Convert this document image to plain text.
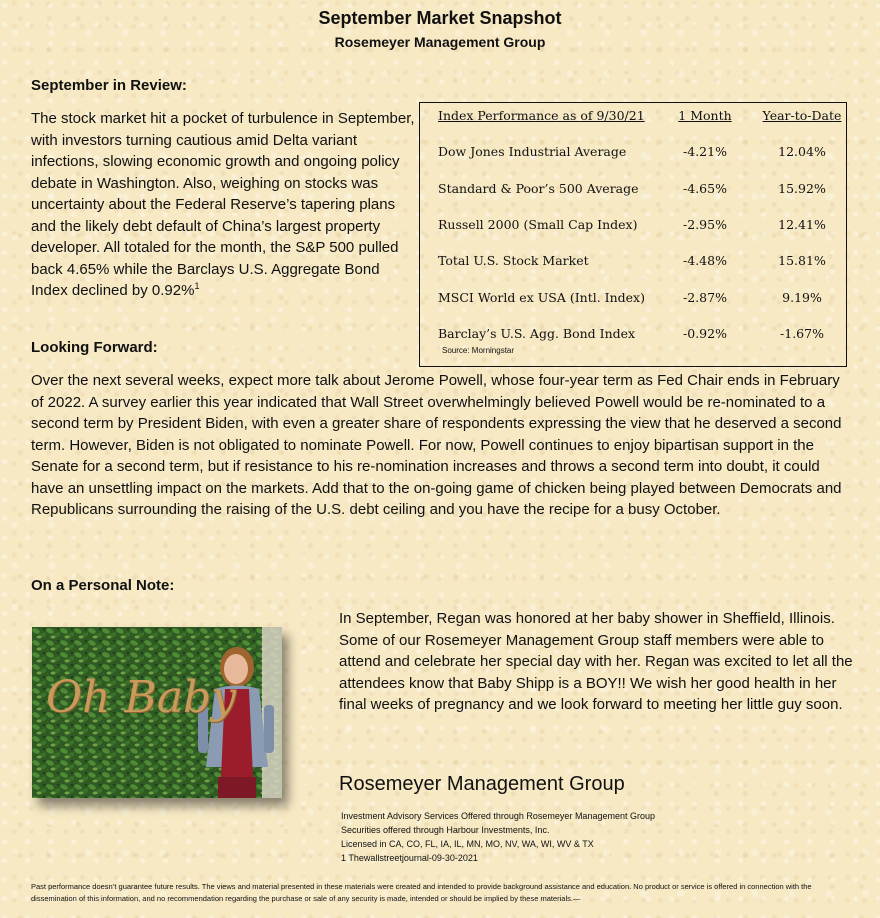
September Market Snapshot
Rosemeyer Management Group
September in Review:
The stock market hit a pocket of turbulence in September, with investors turning cautious amid Delta variant infections, slowing economic growth and ongoing policy debate in Washington. Also, weighing on stocks was uncertainty about the Federal Reserve’s tapering plans and the likely debt default of China’s largest property developer. All totaled for the month, the S&P 500 pulled back 4.65% while the Barclays U.S. Aggregate Bond Index declined by 0.92%$^1$
Index Performance as of 9/30/21	1 Month	Year-to-Date
Dow Jones Industrial Average	-4.21%	12.04%
Standard & Poor’s 500 Average	-4.65%	15.92%
Russell 2000 (Small Cap Index)	-2.95%	12.41%
Total U.S. Stock Market	-4.48%	15.81%
MSCI World ex USA (Intl. Index)	-2.87%	9.19%
Barclay’s U.S. Agg. Bond Index	-0.92%	-1.67%
Source: Morningstar
Looking Forward:
Over the next several weeks, expect more talk about Jerome Powell, whose four-year term as Fed Chair ends in February of 2022. A survey earlier this year indicated that Wall Street overwhelmingly believed Powell would be re-nominated to a second term by President Biden, with even a greater share of respondents expressing the view that he deserved a second term. However, Biden is not obligated to nominate Powell. For now, Powell continues to enjoy bipartisan support in the Senate for a second term, but if resistance to his re-nomination increases and throws a second term into doubt, it could have an unsettling impact on the markets. Add that to the on-going game of chicken being played between Democrats and Republicans surrounding the raising of the U.S. debt ceiling and you have the recipe for a busy October.
On a Personal Note:
Oh Baby
In September, Regan was honored at her baby shower in Sheffield, Illinois. Some of our Rosemeyer Management Group staff members were able to attend and celebrate her special day with her. Regan was excited to let all the attendees know that Baby Shipp is a BOY!! We wish her good health in her final weeks of pregnancy and we look forward to meeting her little guy soon.
Rosemeyer Management Group
Investment Advisory Services Offered through Rosemeyer Management Group
Securities offered through Harbour Investments, Inc.
Licensed in CA, CO, FL, IA, IL, MN, MO, NV, WA, WI, WV & TX
1 Thewallstreetjournal-09-30-2021
Past performance doesn’t guarantee future results. The views and material presented in these materials were created and intended to provide background assistance and education. No product or service is offered in connection with the dissemination of this information, and no recommendation regarding the purchase or sale of any security is made, intended or should be implied by these materials.—
